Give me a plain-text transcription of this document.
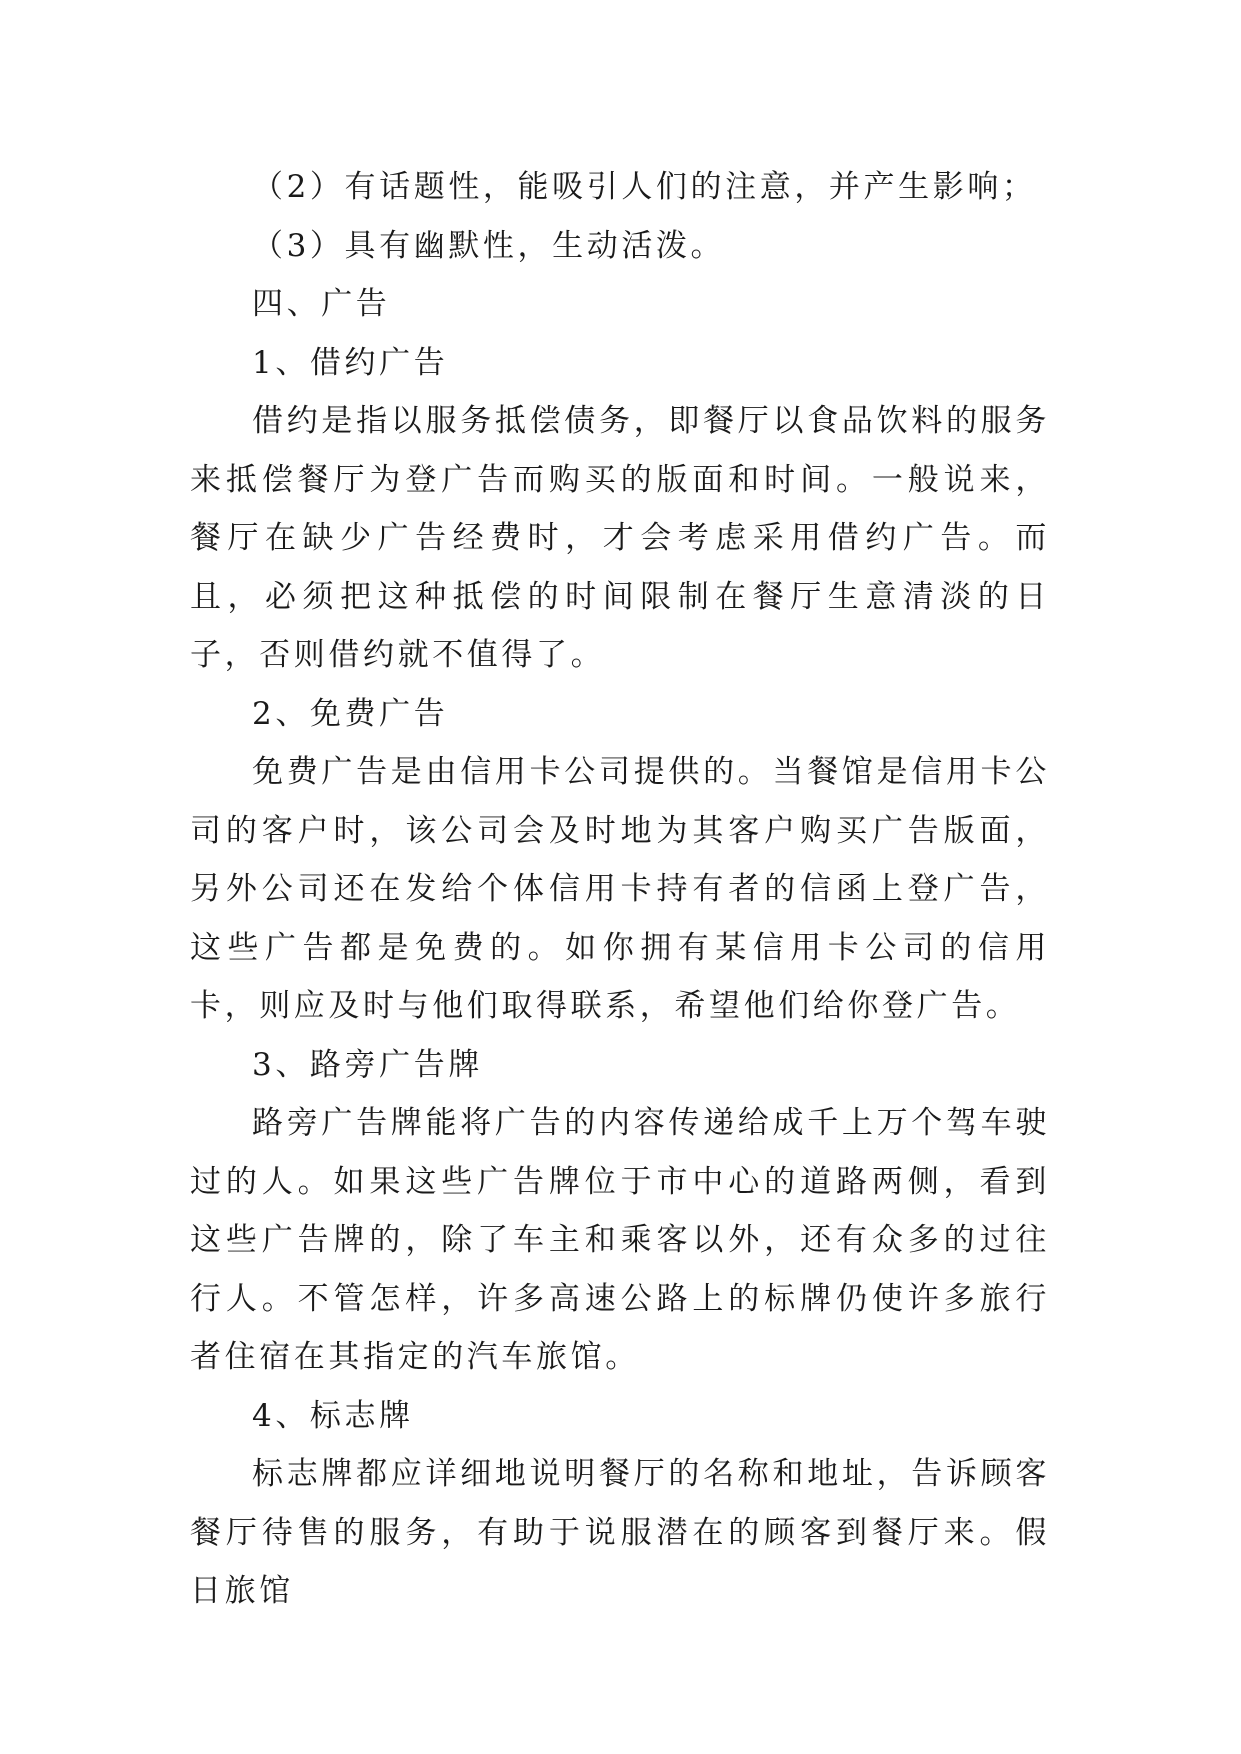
（2）有话题性，能吸引人们的注意，并产生影响；

（3）具有幽默性，生动活泼。

四、广告

1、借约广告

借约是指以服务抵偿债务，即餐厅以食品饮料的服务来抵偿餐厅为登广告而购买的版面和时间。一般说来，餐厅在缺少广告经费时，才会考虑采用借约广告。而且，必须把这种抵偿的时间限制在餐厅生意清淡的日子，否则借约就不值得了。

2、免费广告

免费广告是由信用卡公司提供的。当餐馆是信用卡公司的客户时，该公司会及时地为其客户购买广告版面，另外公司还在发给个体信用卡持有者的信函上登广告，这些广告都是免费的。如你拥有某信用卡公司的信用卡，则应及时与他们取得联系，希望他们给你登广告。

3、路旁广告牌

路旁广告牌能将广告的内容传递给成千上万个驾车驶过的人。如果这些广告牌位于市中心的道路两侧，看到这些广告牌的，除了车主和乘客以外，还有众多的过往行人。不管怎样，许多高速公路上的标牌仍使许多旅行者住宿在其指定的汽车旅馆。

4、标志牌

标志牌都应详细地说明餐厅的名称和地址，告诉顾客餐厅待售的服务，有助于说服潜在的顾客到餐厅来。假日旅馆
